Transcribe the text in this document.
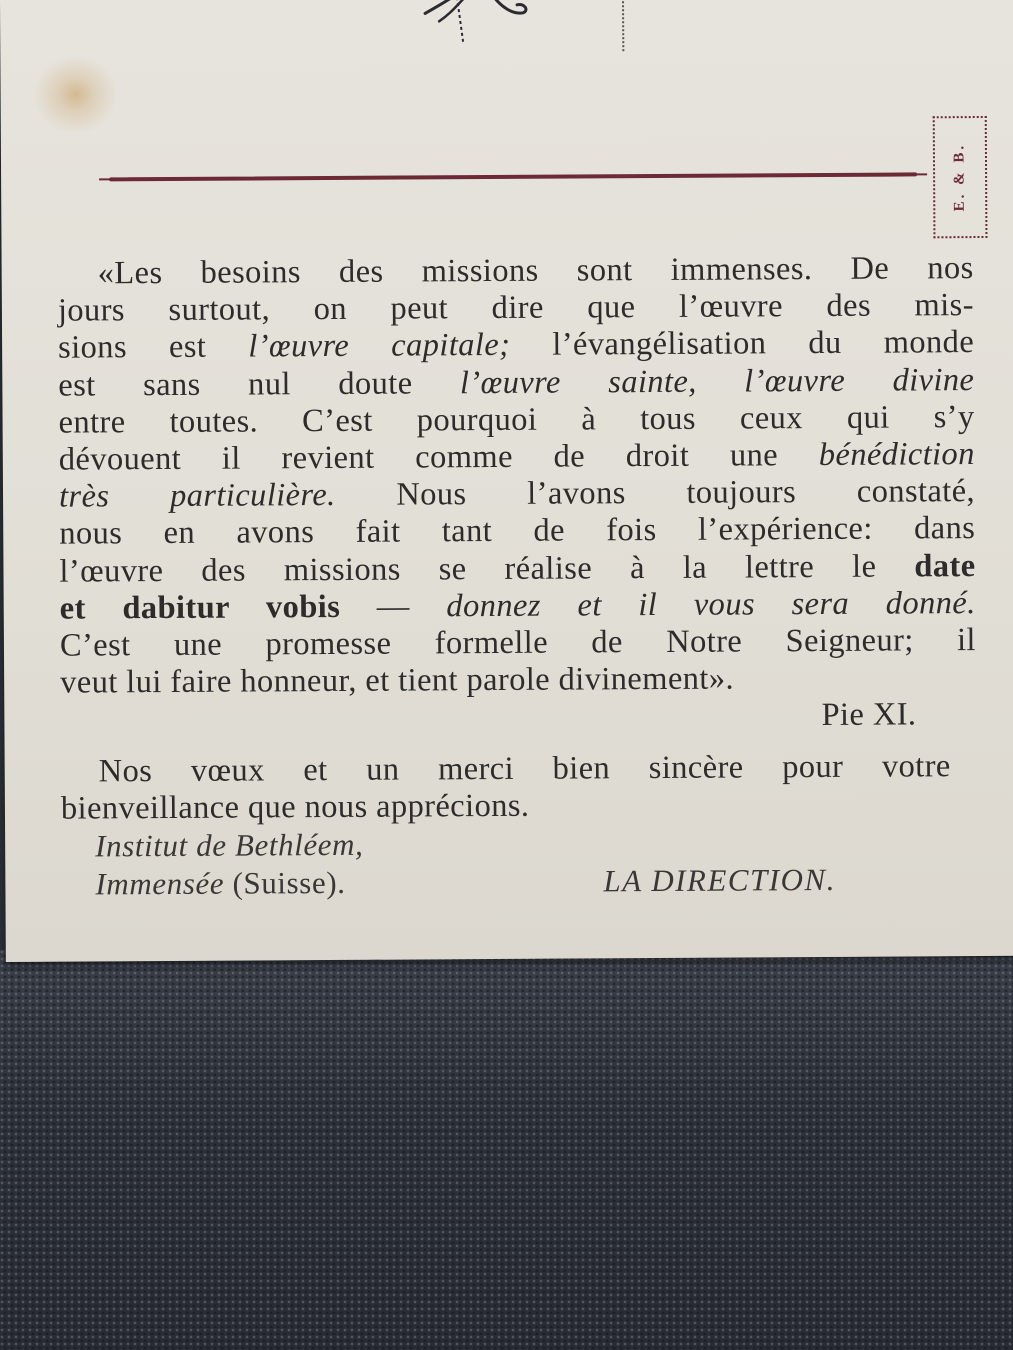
E. & B.
«Les besoins des missions sont immenses. De nos
jours surtout, on peut dire que l’œuvre des mis-
sions est l’œuvre capitale; l’évangélisation du monde
est sans nul doute l’œuvre sainte, l’œuvre divine
entre toutes. C’est pourquoi à tous ceux qui s’y
dévouent il revient comme de droit une bénédiction
très particulière. Nous l’avons toujours constaté,
nous en avons fait tant de fois l’expérience: dans
l’œuvre des missions se réalise à la lettre le date
et dabitur vobis — donnez et il vous sera donné.
C’est une promesse formelle de Notre Seigneur; il
veut lui faire honneur, et tient parole divinement».
Pie XI.
Nos vœux et un merci bien sincère pour votre
bienveillance que nous apprécions.
Institut de Bethléem,
Immensée (Suisse).	LA DIRECTION.
